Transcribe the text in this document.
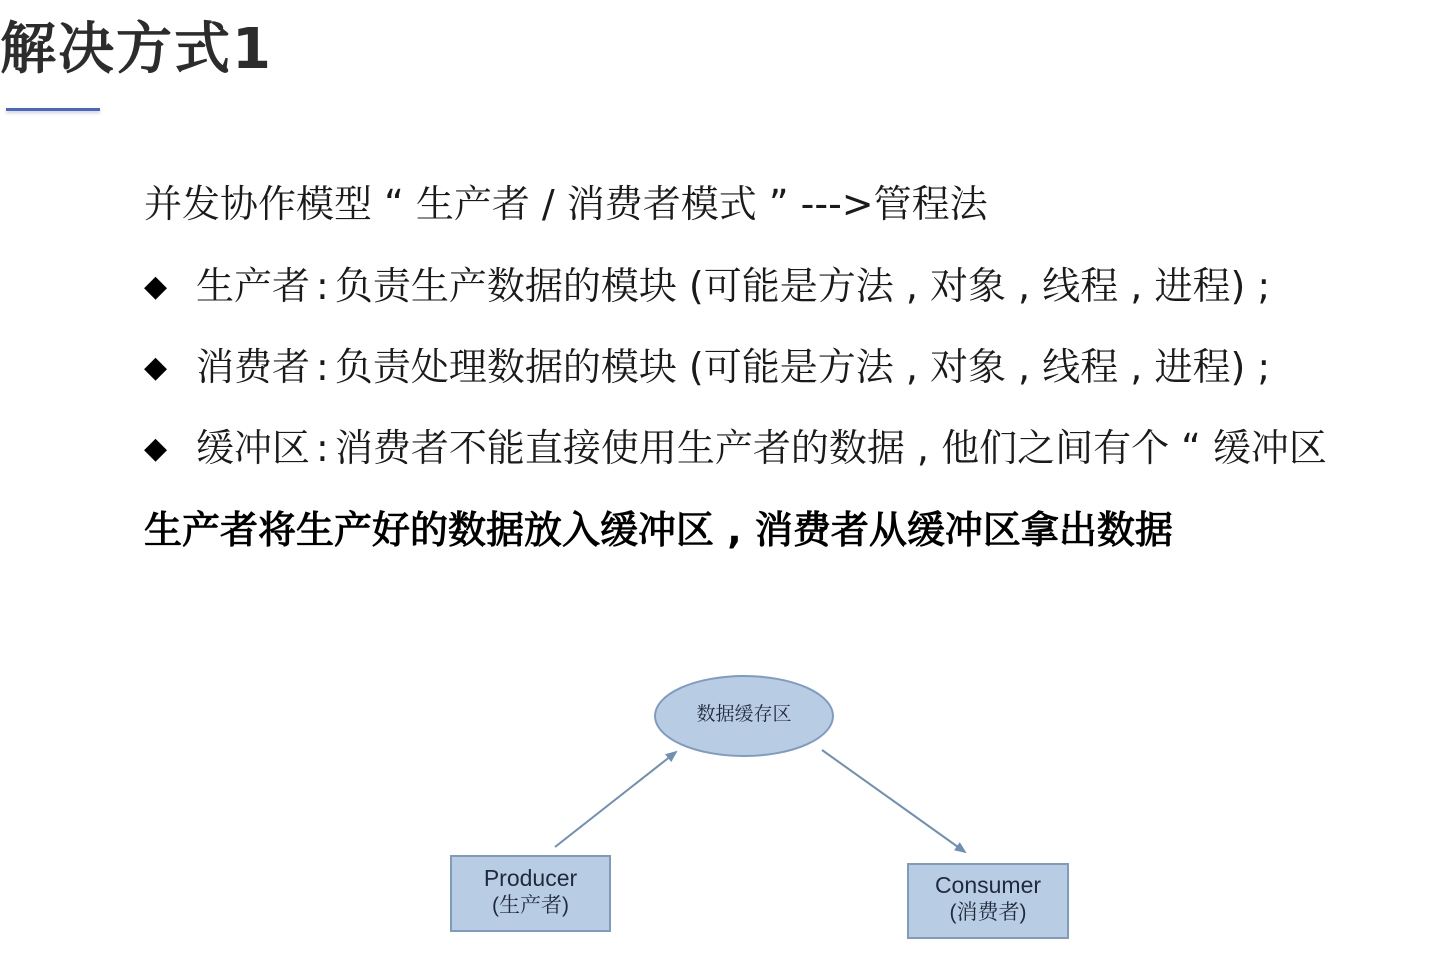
解决方式1
并发协作模型 “ 生产者 / 消费者模式 ” --->管程法
◆ 生产者 : 负责生产数据的模块 (可能是方法 , 对象 , 线程 , 进程) ;
◆ 消费者 : 负责处理数据的模块 (可能是方法 , 对象 , 线程 , 进程) ;
◆ 缓冲区 : 消费者不能直接使用生产者的数据 , 他们之间有个 “ 缓冲区
生产者将生产好的数据放入缓冲区 , 消费者从缓冲区拿出数据
数据缓存区
Producer
(生产者)
Consumer
(消费者)
